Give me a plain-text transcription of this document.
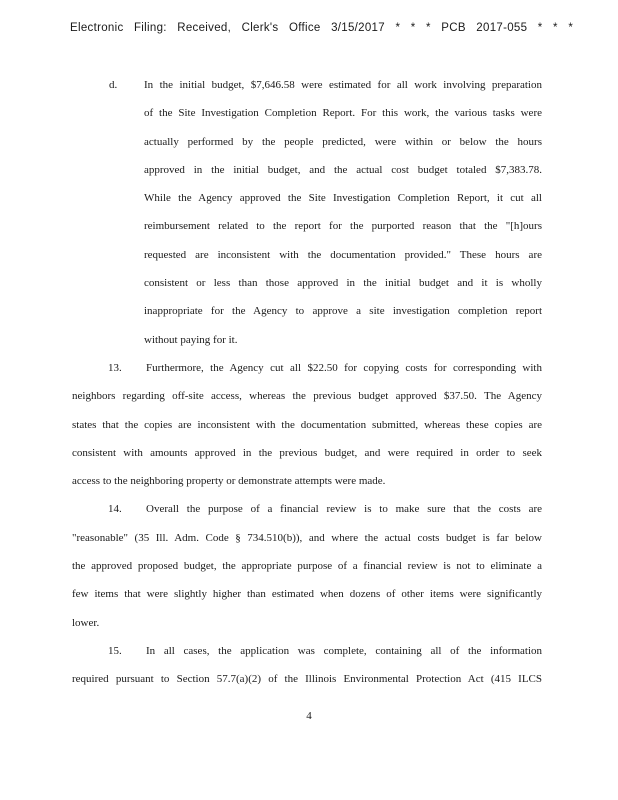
Electronic Filing: Received, Clerk's Office 3/15/2017 * * * PCB 2017-055 * * *
d. In the initial budget, $7,646.58 were estimated for all work involving preparation
of the Site Investigation Completion Report. For this work, the various tasks were
actually performed by the people predicted, were within or below the hours
approved in the initial budget, and the actual cost budget totaled $7,383.78.
While the Agency approved the Site Investigation Completion Report, it cut all
reimbursement related to the report for the purported reason that the "[h]ours
requested are inconsistent with the documentation provided." These hours are
consistent or less than those approved in the initial budget and it is wholly
inappropriate for the Agency to approve a site investigation completion report
without paying for it.

13. Furthermore, the Agency cut all $22.50 for copying costs for corresponding with
neighbors regarding off-site access, whereas the previous budget approved $37.50. The Agency
states that the copies are inconsistent with the documentation submitted, whereas these copies are
consistent with amounts approved in the previous budget, and were required in order to seek
access to the neighboring property or demonstrate attempts were made.

14. Overall the purpose of a financial review is to make sure that the costs are
"reasonable" (35 Ill. Adm. Code § 734.510(b)), and where the actual costs budget is far below
the approved proposed budget, the appropriate purpose of a financial review is not to eliminate a
few items that were slightly higher than estimated when dozens of other items were significantly
lower.

15. In all cases, the application was complete, containing all of the information
required pursuant to Section 57.7(a)(2) of the Illinois Environmental Protection Act (415 ILCS

4
